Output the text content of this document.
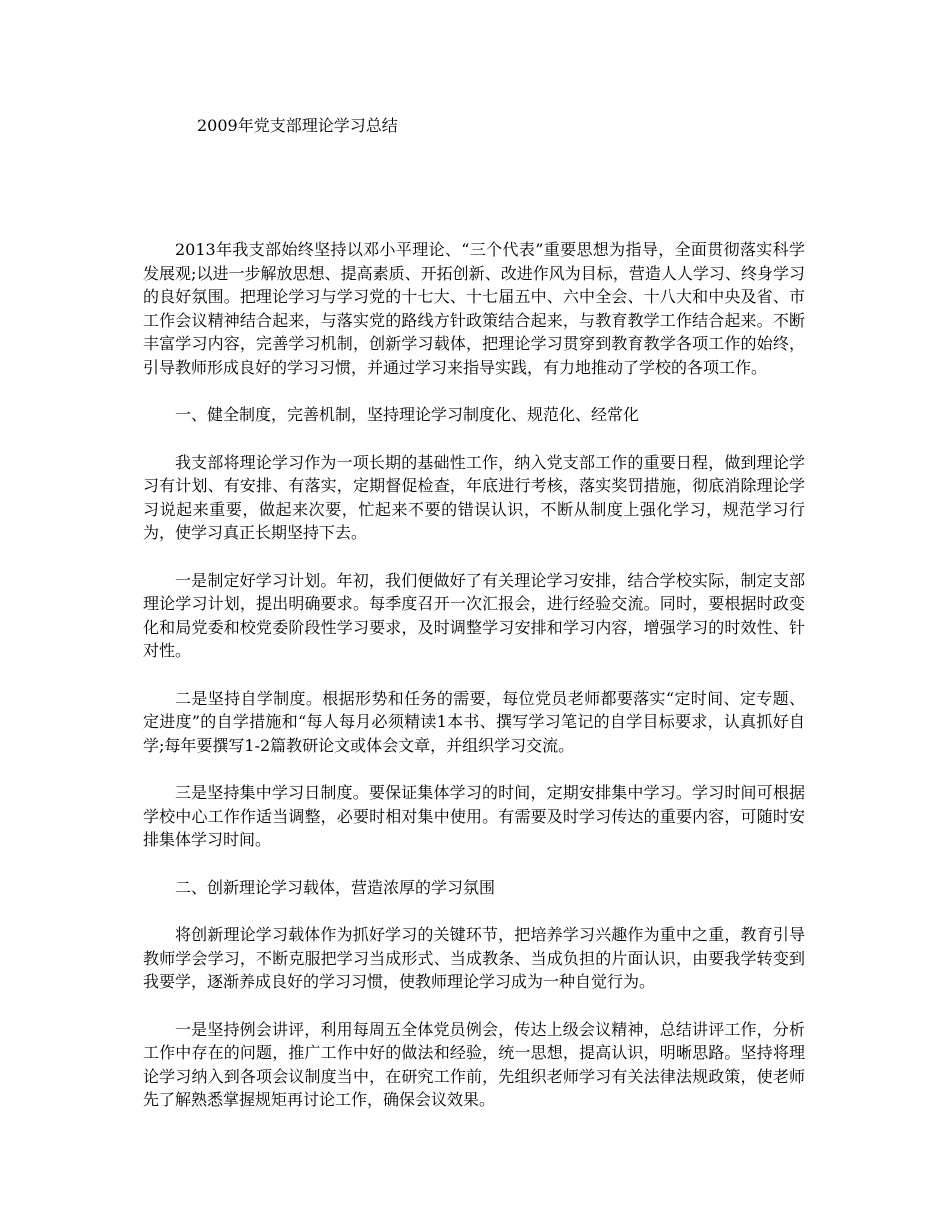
2009年党支部理论学习总结

2013年我支部始终坚持以邓小平理论、“三个代表”重要思想为指导，全面贯彻落实科学发展观;以进一步解放思想、提高素质、开拓创新、改进作风为目标，营造人人学习、终身学习的良好氛围。把理论学习与学习党的十七大、十七届五中、六中全会、十八大和中央及省、市工作会议精神结合起来，与落实党的路线方针政策结合起来，与教育教学工作结合起来。不断丰富学习内容，完善学习机制，创新学习载体，把理论学习贯穿到教育教学各项工作的始终，引导教师形成良好的学习习惯，并通过学习来指导实践，有力地推动了学校的各项工作。

一、健全制度，完善机制，坚持理论学习制度化、规范化、经常化

我支部将理论学习作为一项长期的基础性工作，纳入党支部工作的重要日程，做到理论学习有计划、有安排、有落实，定期督促检查，年底进行考核，落实奖罚措施，彻底消除理论学习说起来重要，做起来次要，忙起来不要的错误认识，不断从制度上强化学习，规范学习行为，使学习真正长期坚持下去。

一是制定好学习计划。年初，我们便做好了有关理论学习安排，结合学校实际，制定支部理论学习计划，提出明确要求。每季度召开一次汇报会，进行经验交流。同时，要根据时政变化和局党委和校党委阶段性学习要求，及时调整学习安排和学习内容，增强学习的时效性、针对性。

二是坚持自学制度。根据形势和任务的需要，每位党员老师都要落实“定时间、定专题、定进度”的自学措施和“每人每月必须精读1本书、撰写学习笔记的自学目标要求，认真抓好自学;每年要撰写1-2篇教研论文或体会文章，并组织学习交流。

三是坚持集中学习日制度。要保证集体学习的时间，定期安排集中学习。学习时间可根据学校中心工作作适当调整，必要时相对集中使用。有需要及时学习传达的重要内容，可随时安排集体学习时间。

二、创新理论学习载体，营造浓厚的学习氛围

将创新理论学习载体作为抓好学习的关键环节，把培养学习兴趣作为重中之重，教育引导教师学会学习，不断克服把学习当成形式、当成教条、当成负担的片面认识，由要我学转变到我要学，逐渐养成良好的学习习惯，使教师理论学习成为一种自觉行为。

一是坚持例会讲评，利用每周五全体党员例会，传达上级会议精神，总结讲评工作，分析工作中存在的问题，推广工作中好的做法和经验，统一思想，提高认识，明晰思路。坚持将理论学习纳入到各项会议制度当中，在研究工作前，先组织老师学习有关法律法规政策，使老师先了解熟悉掌握规矩再讨论工作，确保会议效果。
